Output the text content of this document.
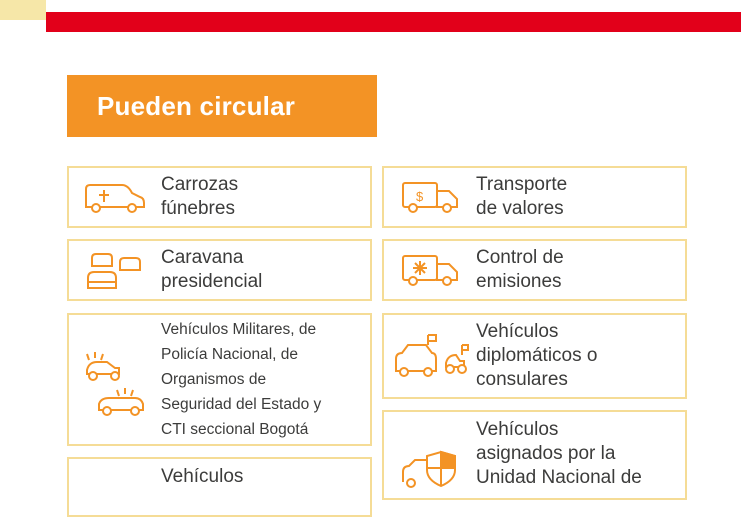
Pueden circular
Carrozas
fúnebres
$
Transporte
de valores
Caravana
presidencial
Control de
emisiones
Vehículos Militares, de
Policía Nacional, de
Organismos de
Seguridad del Estado y
CTI seccional Bogotá
Vehículos
diplomáticos o
consulares
Vehículos
asignados por la
Unidad Nacional de
Vehículos
